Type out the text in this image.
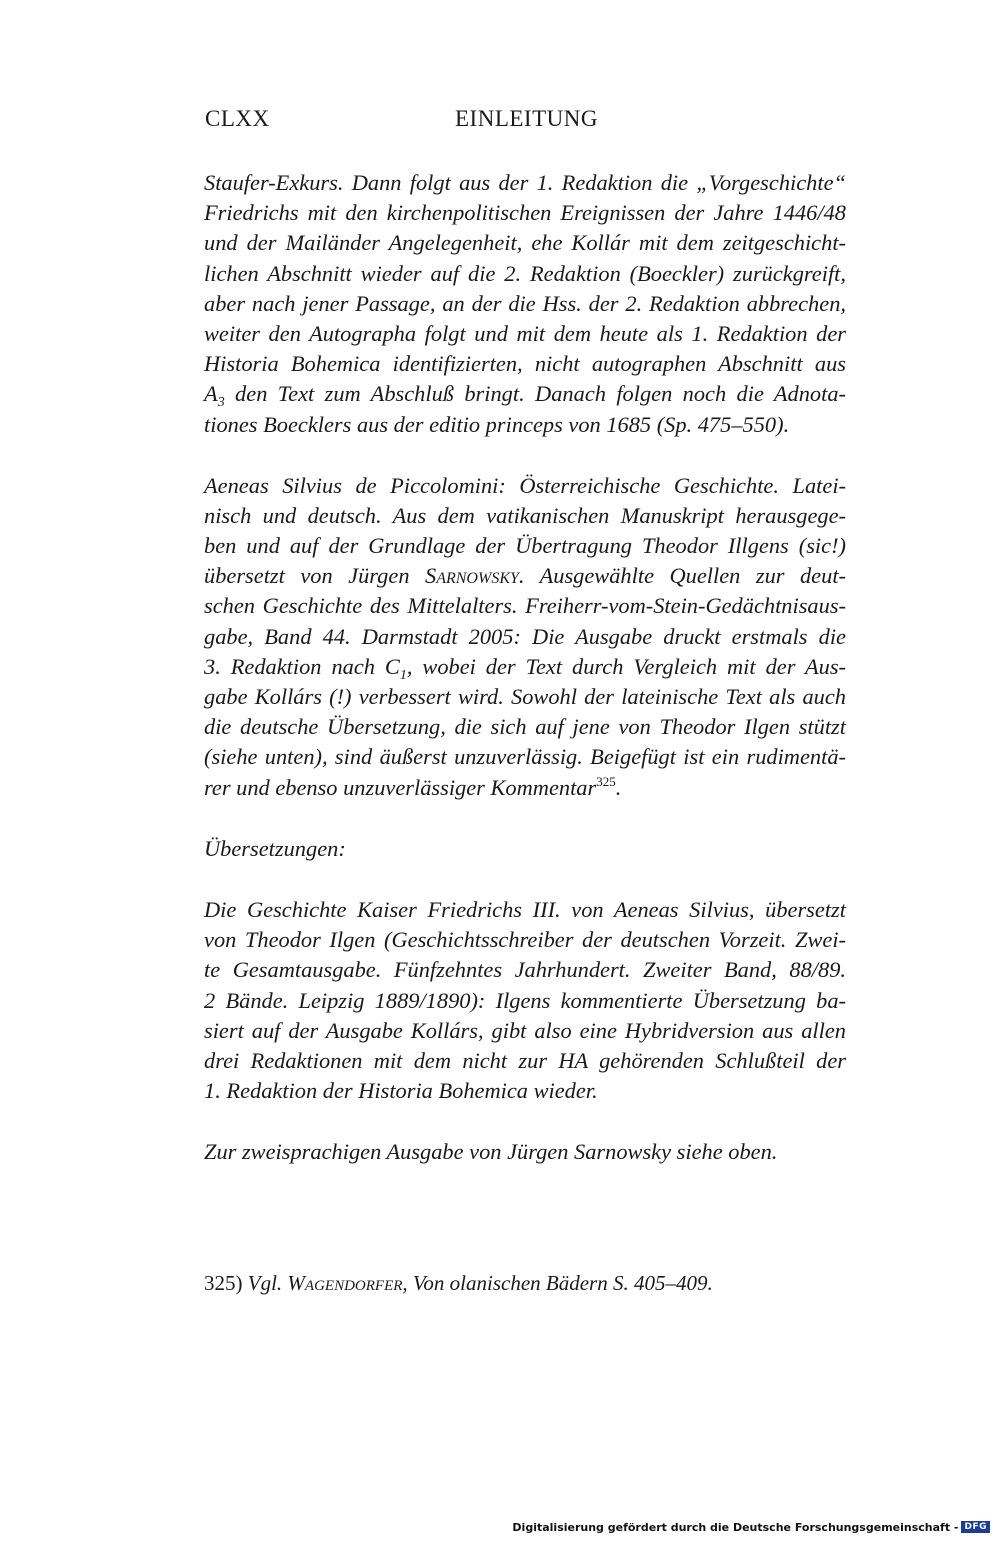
CLXX	EINLEITUNG
Staufer-Exkurs. Dann folgt aus der 1. Redaktion die „Vorgeschichte“
Friedrichs mit den kirchenpolitischen Ereignissen der Jahre 1446/48
und der Mailänder Angelegenheit, ehe Kollár mit dem zeitgeschicht-
lichen Abschnitt wieder auf die 2. Redaktion (Boeckler) zurückgreift,
aber nach jener Passage, an der die Hss. der 2. Redaktion abbrechen,
weiter den Autographa folgt und mit dem heute als 1. Redaktion der
Historia Bohemica identifizierten, nicht autographen Abschnitt aus
$A_3$ den Text zum Abschluß bringt. Danach folgen noch die Adnota-
tiones Boecklers aus der editio princeps von 1685 (Sp. 475–550).
Aeneas Silvius de Piccolomini: Österreichische Geschichte. Latei-
nisch und deutsch. Aus dem vatikanischen Manuskript herausgege-
ben und auf der Grundlage der Übertragung Theodor Illgens (sic!)
übersetzt von Jürgen Sarnowsky. Ausgewählte Quellen zur deut-
schen Geschichte des Mittelalters. Freiherr-vom-Stein-Gedächtnisaus-
gabe, Band 44. Darmstadt 2005: Die Ausgabe druckt erstmals die
3. Redaktion nach $C_1$, wobei der Text durch Vergleich mit der Aus-
gabe Kollárs (!) verbessert wird. Sowohl der lateinische Text als auch
die deutsche Übersetzung, die sich auf jene von Theodor Ilgen stützt
(siehe unten), sind äußerst unzuverlässig. Beigefügt ist ein rudimentä-
rer und ebenso unzuverlässiger Kommentar$^{325}$.
Übersetzungen:
Die Geschichte Kaiser Friedrichs III. von Aeneas Silvius, übersetzt
von Theodor Ilgen (Geschichtsschreiber der deutschen Vorzeit. Zwei-
te Gesamtausgabe. Fünfzehntes Jahrhundert. Zweiter Band, 88/89.
2 Bände. Leipzig 1889/1890): Ilgens kommentierte Übersetzung ba-
siert auf der Ausgabe Kollárs, gibt also eine Hybridversion aus allen
drei Redaktionen mit dem nicht zur HA gehörenden Schlußteil der
1. Redaktion der Historia Bohemica wieder.
Zur zweisprachigen Ausgabe von Jürgen Sarnowsky siehe oben.
325) Vgl. Wagendorfer, Von olanischen Bädern S. 405–409.
Digitalisierung gefördert durch die Deutsche Forschungsgemeinschaft - DFG
